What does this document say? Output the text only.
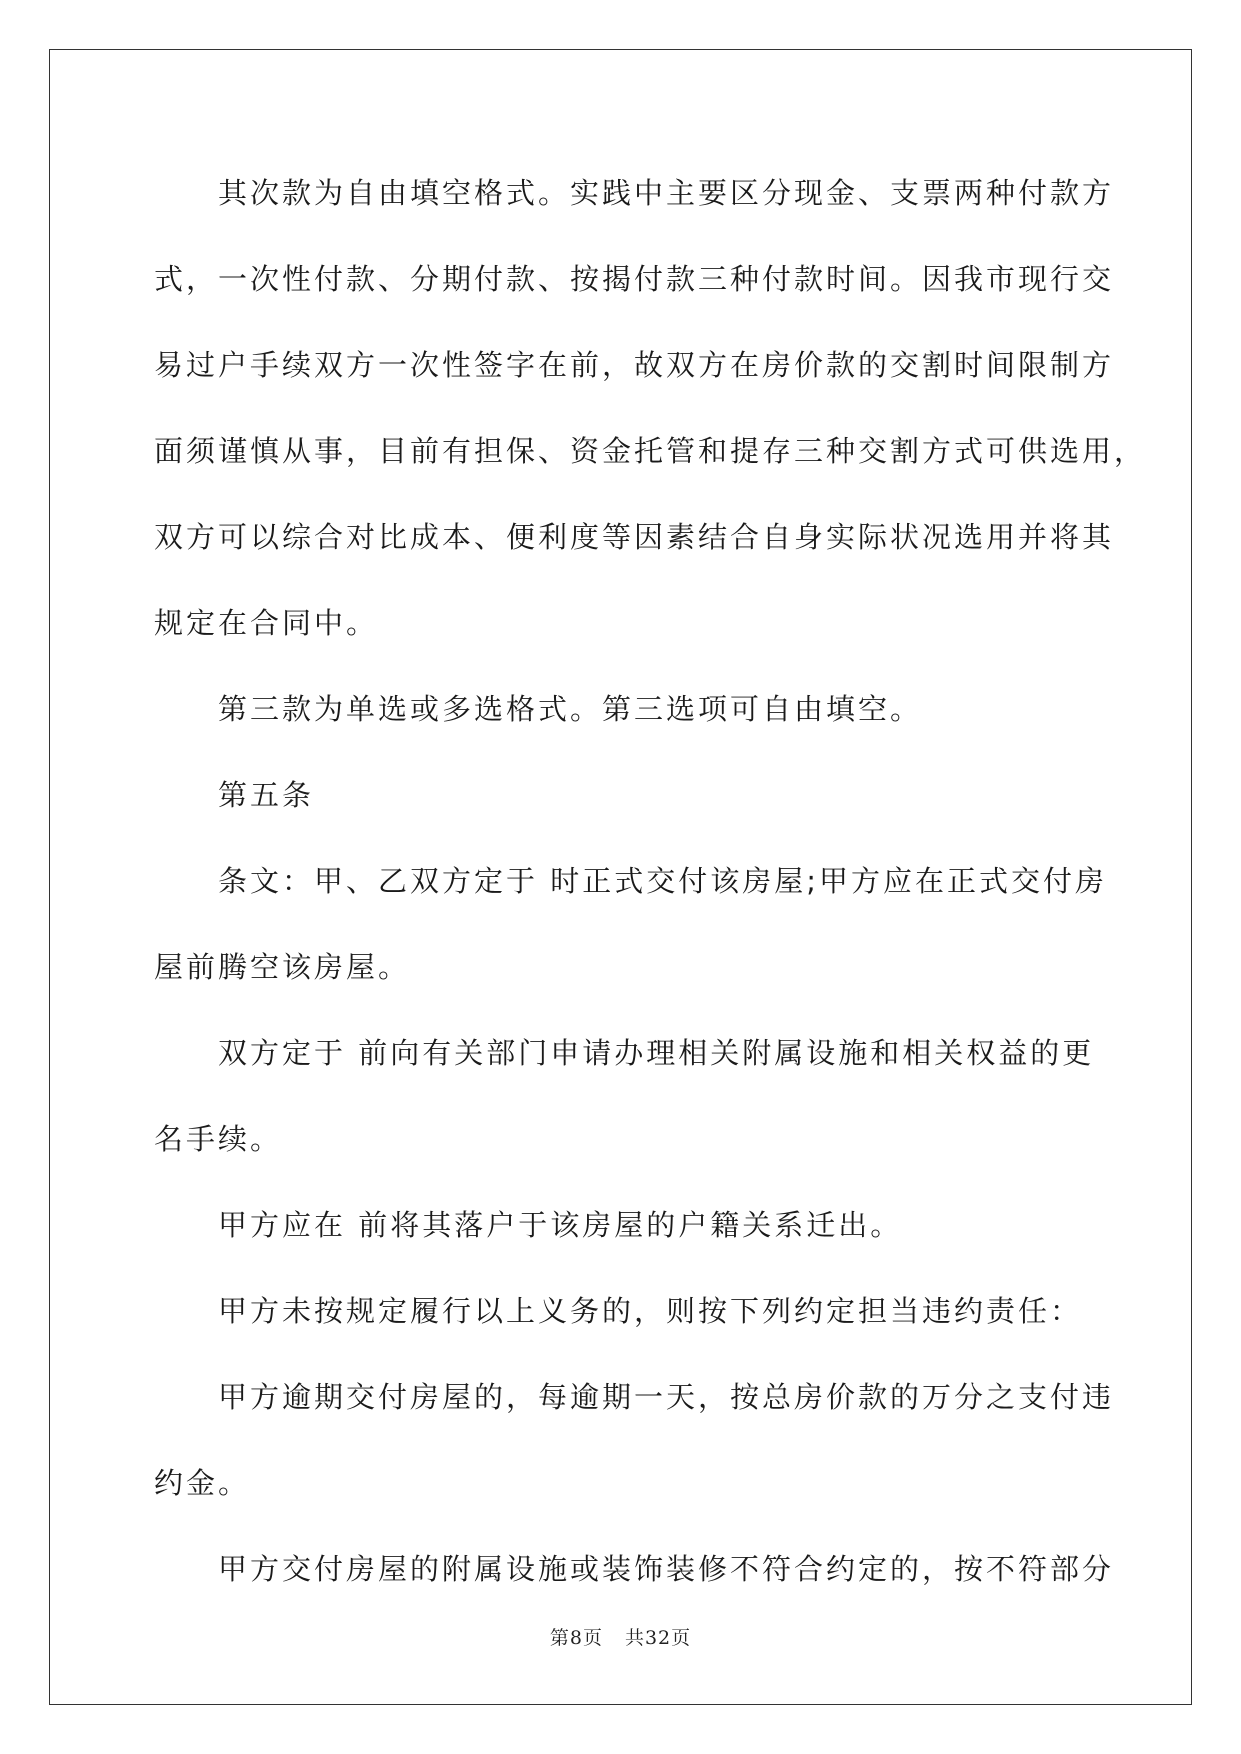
其次款为自由填空格式。实践中主要区分现金、支票两种付款方
式，一次性付款、分期付款、按揭付款三种付款时间。因我市现行交
易过户手续双方一次性签字在前，故双方在房价款的交割时间限制方
面须谨慎从事，目前有担保、资金托管和提存三种交割方式可供选用，
双方可以综合对比成本、便利度等因素结合自身实际状况选用并将其
规定在合同中。

第三款为单选或多选格式。第三选项可自由填空。

第五条

条文：甲、乙双方定于 时正式交付该房屋;甲方应在正式交付房
屋前腾空该房屋。

双方定于 前向有关部门申请办理相关附属设施和相关权益的更
名手续。

甲方应在 前将其落户于该房屋的户籍关系迁出。

甲方未按规定履行以上义务的，则按下列约定担当违约责任：

甲方逾期交付房屋的，每逾期一天，按总房价款的万分之支付违
约金。

甲方交付房屋的附属设施或装饰装修不符合约定的，按不符部分

第8页 共32页
